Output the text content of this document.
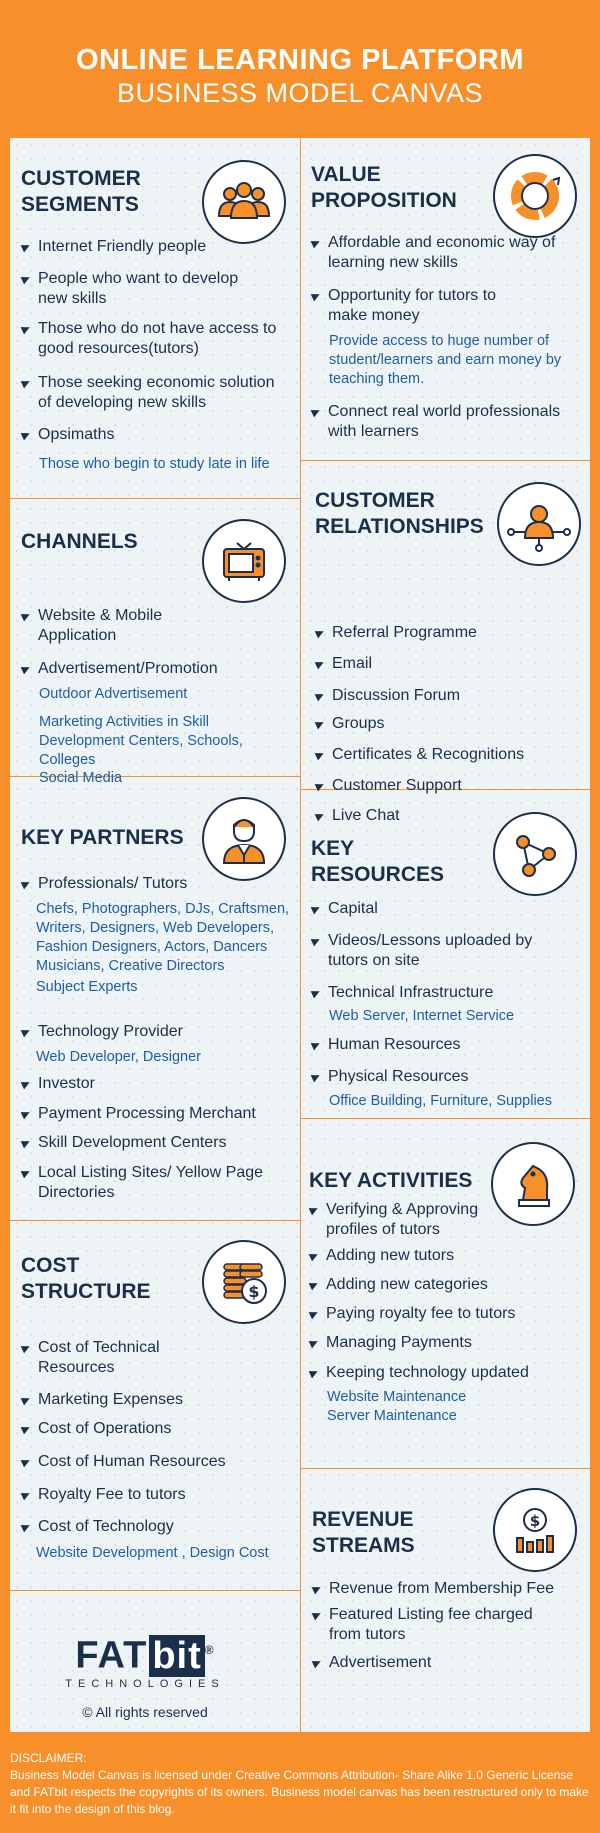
ONLINE LEARNING PLATFORM
BUSINESS MODEL CANVAS
CUSTOMER SEGMENTS
Internet Friendly people
People who want to develop new skills
Those who do not have access to good resources(tutors)
Those seeking economic solution of developing new skills
Opsimaths
Those who begin to study late in life
VALUE PROPOSITION
Affordable and economic way of learning new skills
Opportunity for tutors to make money
Provide access to huge number of student/learners and earn money by teaching them.
Connect real world professionals with learners
CHANNELS
Website & Mobile Application
Advertisement/Promotion
Outdoor Advertisement
Marketing Activities in Skill Development Centers, Schools, Colleges
Social Media
CUSTOMER RELATIONSHIPS
Referral Programme
Email
Discussion Forum
Groups
Certificates & Recognitions
Customer Support
Live Chat
KEY PARTNERS
Professionals/ Tutors
Chefs, Photographers, DJs, Craftsmen, Writers, Designers, Web Developers, Fashion Designers, Actors, Dancers Musicians, Creative Directors
Subject Experts
Technology Provider
Web Developer, Designer
Investor
Payment Processing Merchant
Skill Development Centers
Local Listing Sites/ Yellow Page Directories
KEY RESOURCES
Capital
Videos/Lessons uploaded by tutors on site
Technical Infrastructure
Web Server, Internet Service
Human Resources
Physical Resources
Office Building, Furniture, Supplies
COST STRUCTURE	$
Cost of Technical Resources
Marketing Expenses
Cost of Operations
Cost of Human Resources
Royalty Fee to tutors
Cost of Technology
Website Development , Design Cost
KEY ACTIVITIES
Verifying & Approving profiles of tutors
Adding new tutors
Adding new categories
Paying royalty fee to tutors
Managing Payments
Keeping technology updated
Website Maintenance
Server Maintenance
REVENUE STREAMS
$
Revenue from Membership Fee
Featured Listing fee charged from tutors
Advertisement
FAT bit ®
TECHNOLOGIES
© All rights reserved
DISCLAIMER:
Business Model Canvas is licensed under Creative Commons Attribution- Share Alike 1.0 Generic License and FATbit respects the copyrights of its owners. Business model canvas has been restructured only to make it fit into the design of this blog.
